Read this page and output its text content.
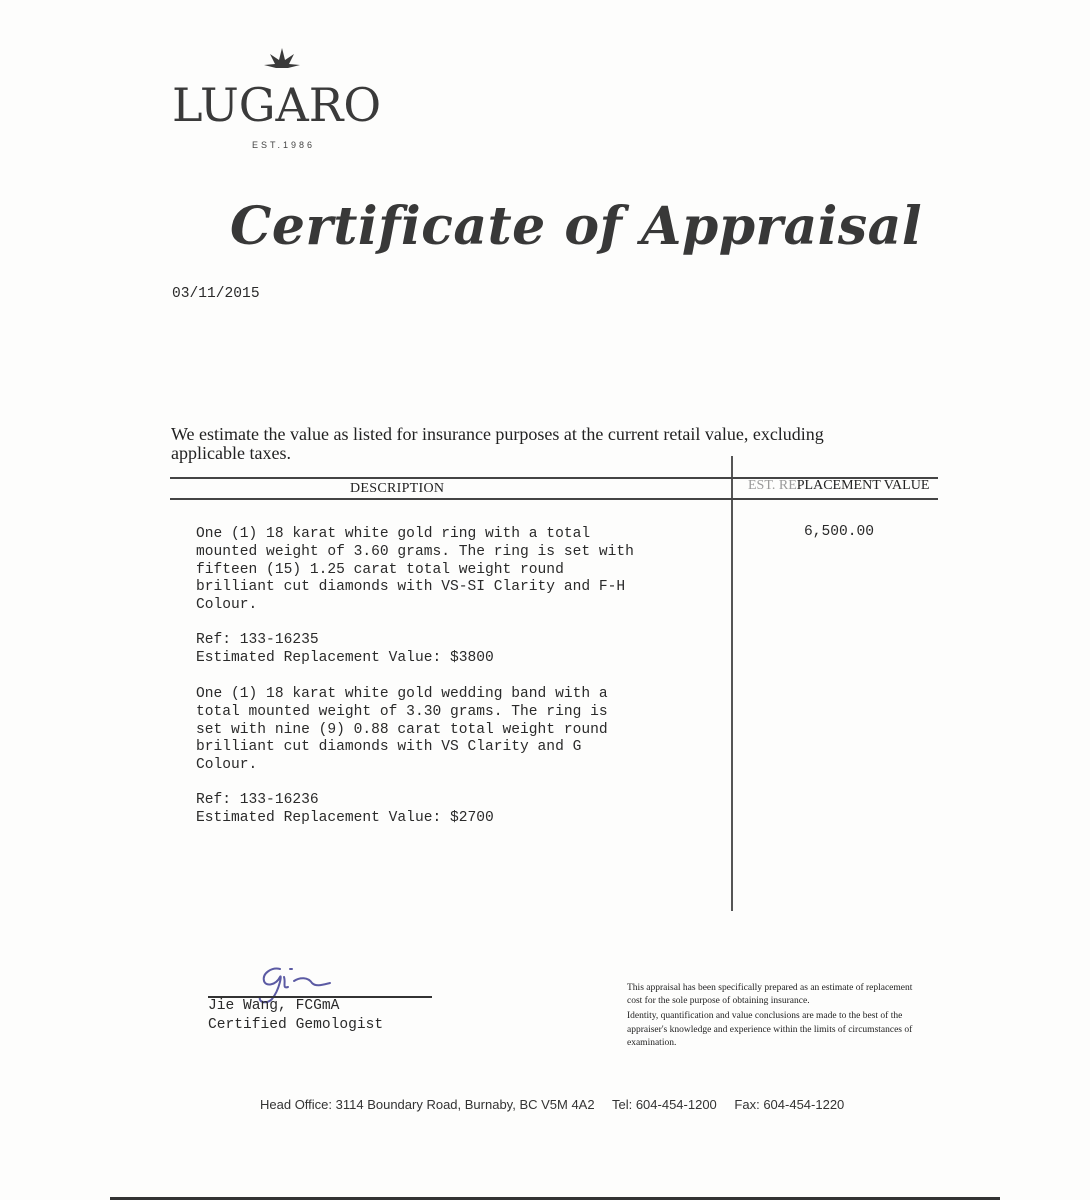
LUGARO
EST.1986
Certificate of Appraisal
03/11/2015
We estimate the value as listed for insurance purposes at the current retail value, excluding applicable taxes.
DESCRIPTION	EST. REPLACEMENT VALUE
One (1) 18 karat white gold ring with a total
mounted weight of 3.60 grams. The ring is set with
fifteen (15) 1.25 carat total weight round
brilliant cut diamonds with VS-SI Clarity and F-H
Colour.
Ref: 133-16235
Estimated Replacement Value: $3800
One (1) 18 karat white gold wedding band with a
total mounted weight of 3.30 grams. The ring is
set with nine (9) 0.88 carat total weight round
brilliant cut diamonds with VS Clarity and G
Colour.
Ref: 133-16236
Estimated Replacement Value: $2700
6,500.00
Jie Wang, FCGmA
Certified Gemologist

This appraisal has been specifically prepared as an estimate of replacement cost for the sole purpose of obtaining insurance.

Identity, quantification and value conclusions are made to the best of the appraiser's knowledge and experience within the limits of circumstances of examination.

Head Office: 3114 Boundary Road, Burnaby, BC V5M 4A2 Tel: 604-454-1200 Fax: 604-454-1220
